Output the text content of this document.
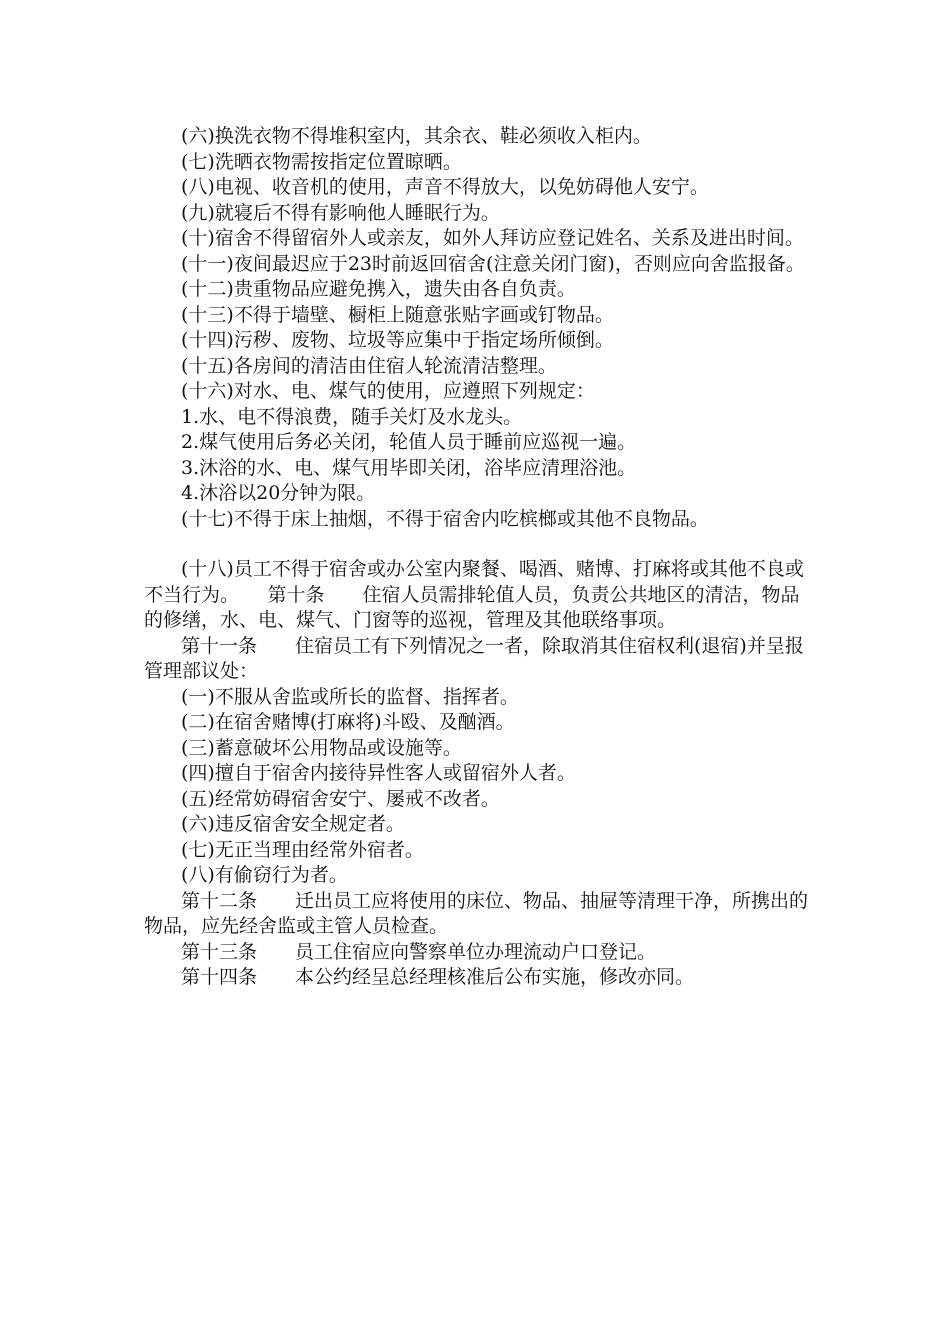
(六)换洗衣物不得堆积室内，其余衣、鞋必须收入柜内。

(七)洗晒衣物需按指定位置晾晒。

(八)电视、收音机的使用，声音不得放大，以免妨碍他人安宁。

(九)就寝后不得有影响他人睡眠行为。

(十)宿舍不得留宿外人或亲友，如外人拜访应登记姓名、关系及进出时间。

(十一)夜间最迟应于23时前返回宿舍(注意关闭门窗)，否则应向舍监报备。

(十二)贵重物品应避免携入，遗失由各自负责。

(十三)不得于墙壁、橱柜上随意张贴字画或钉物品。

(十四)污秽、废物、垃圾等应集中于指定场所倾倒。

(十五)各房间的清洁由住宿人轮流清洁整理。

(十六)对水、电、煤气的使用，应遵照下列规定：

1.水、电不得浪费，随手关灯及水龙头。

2.煤气使用后务必关闭，轮值人员于睡前应巡视一遍。

3.沐浴的水、电、煤气用毕即关闭，浴毕应清理浴池。

4.沐浴以20分钟为限。

(十七)不得于床上抽烟，不得于宿舍内吃槟榔或其他不良物品。

(十八)员工不得于宿舍或办公室内聚餐、喝酒、赌博、打麻将或其他不良或不当行为。　　第十条　　住宿人员需排轮值人员，负责公共地区的清洁，物品的修缮，水、电、煤气、门窗等的巡视，管理及其他联络事项。

第十一条　　住宿员工有下列情况之一者，除取消其住宿权利(退宿)并呈报管理部议处：

(一)不服从舍监或所长的监督、指挥者。

(二)在宿舍赌博(打麻将)斗殴、及酗酒。

(三)蓄意破坏公用物品或设施等。

(四)擅自于宿舍内接待异性客人或留宿外人者。

(五)经常妨碍宿舍安宁、屡戒不改者。

(六)违反宿舍安全规定者。

(七)无正当理由经常外宿者。

(八)有偷窃行为者。

第十二条　　迁出员工应将使用的床位、物品、抽屉等清理干净，所携出的物品，应先经舍监或主管人员检查。

第十三条　　员工住宿应向警察单位办理流动户口登记。

第十四条　　本公约经呈总经理核准后公布实施，修改亦同。
